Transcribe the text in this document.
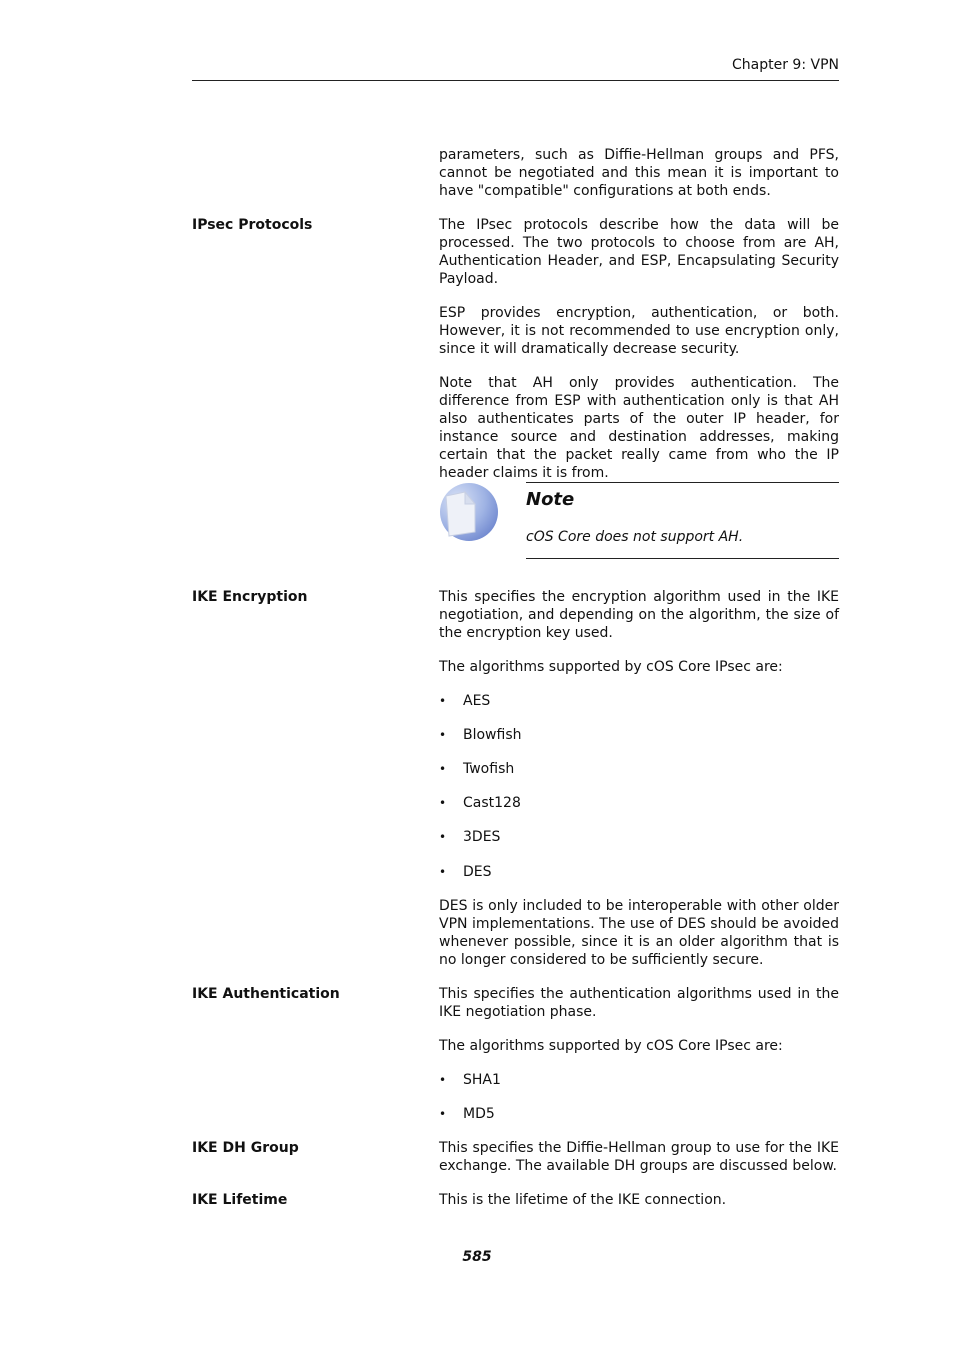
Chapter 9: VPN

parameters, such as Diffie-Hellman groups and PFS, cannot be negotiated and this mean it is important to have "compatible" configurations at both ends.

IPsec Protocols	The IPsec protocols describe how the data will be processed. The two protocols to choose from are AH, Authentication Header, and ESP, Encapsulating Security Payload.

ESP provides encryption, authentication, or both. However, it is not recommended to use encryption only, since it will dramatically decrease security.

Note that AH only provides authentication. The difference from ESP with authentication only is that AH also authenticates parts of the outer IP header, for instance source and destination addresses, making certain that the packet really came from who the IP header claims it is from.

Note
cOS Core does not support AH.
IKE Encryption	This specifies the encryption algorithm used in the IKE negotiation, and depending on the algorithm, the size of the encryption key used.

The algorithms supported by cOS Core IPsec are:

• AES
• Blowfish
• Twofish
• Cast128
• 3DES
• DES

DES is only included to be interoperable with other older VPN implementations. The use of DES should be avoided whenever possible, since it is an older algorithm that is no longer considered to be sufficiently secure.

IKE Authentication	This specifies the authentication algorithms used in the IKE negotiation phase.

The algorithms supported by cOS Core IPsec are:

• SHA1
• MD5
IKE DH Group	This specifies the Diffie-Hellman group to use for the IKE exchange. The available DH groups are discussed below.

IKE Lifetime	This is the lifetime of the IKE connection.

585
